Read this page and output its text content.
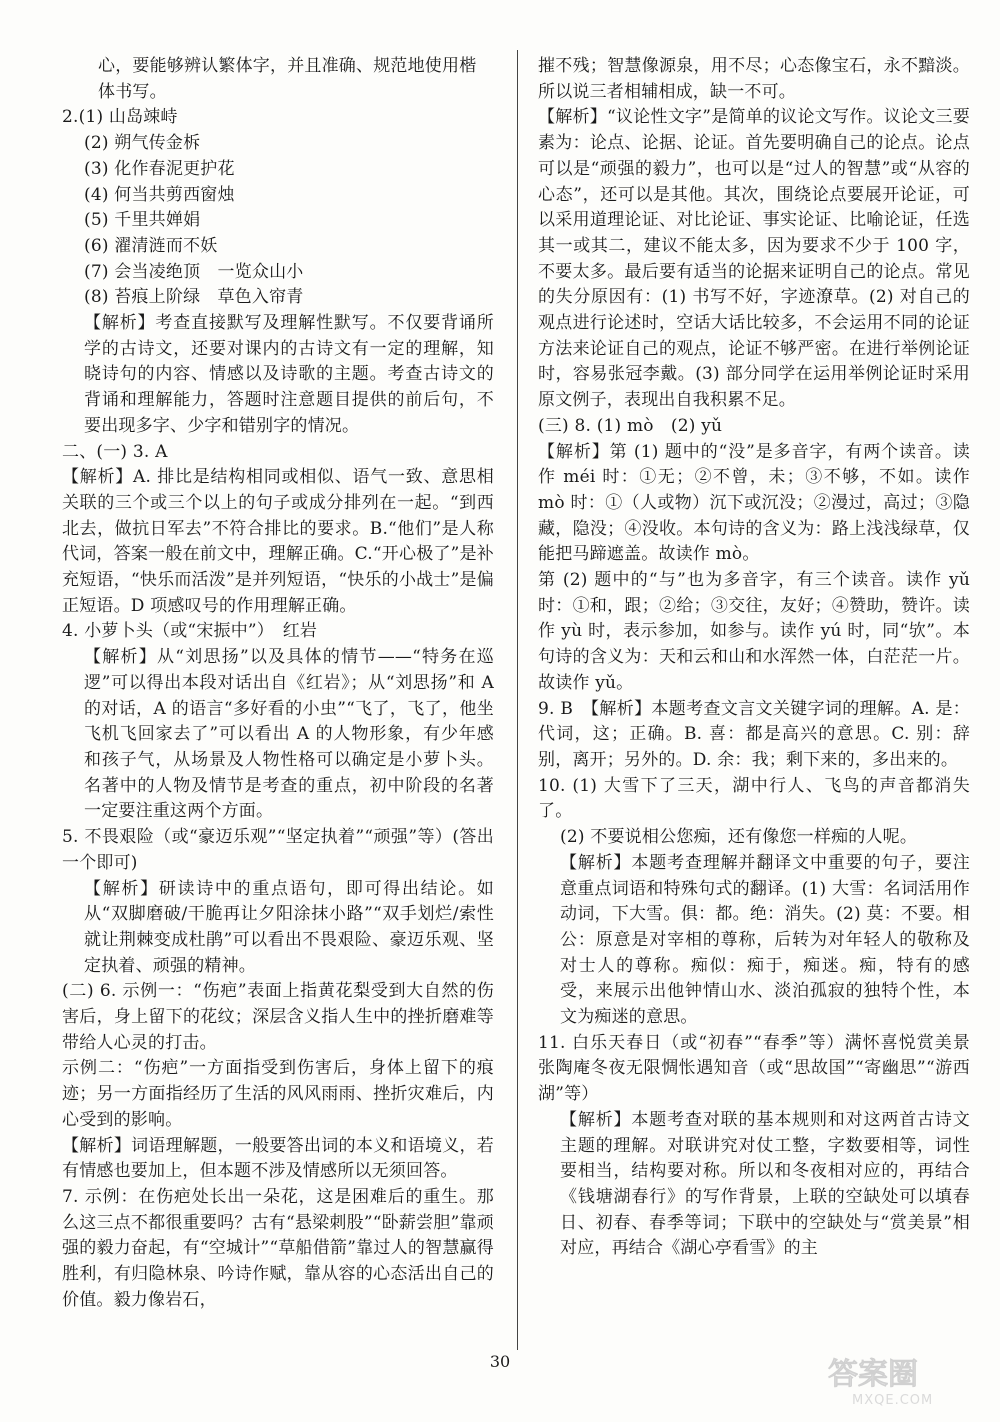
心，要能够辨认繁体字，并且准确、规范地使用楷

体书写。

2.(1) 山岛竦峙

(2) 朔气传金柝

(3) 化作春泥更护花

(4) 何当共剪西窗烛

(5) 千里共婵娟

(6) 濯清涟而不妖

(7) 会当凌绝顶　一览众山小

(8) 苔痕上阶绿　草色入帘青

【解析】考查直接默写及理解性默写。不仅要背诵所学的古诗文，还要对课内的古诗文有一定的理解，知晓诗句的内容、情感以及诗歌的主题。考查古诗文的背诵和理解能力，答题时注意题目提供的前后句，不要出现多字、少字和错别字的情况。

二、(一) 3. A

【解析】A. 排比是结构相同或相似、语气一致、意思相关联的三个或三个以上的句子或成分排列在一起。“到西北去，做抗日军去”不符合排比的要求。B.“他们”是人称代词，答案一般在前文中，理解正确。C.“开心极了”是补充短语，“快乐而活泼”是并列短语，“快乐的小战士”是偏正短语。D 项感叹号的作用理解正确。

4. 小萝卜头（或“宋振中”）　红岩

【解析】从“刘思扬”以及具体的情节——“特务在巡逻”可以得出本段对话出自《红岩》；从“刘思扬”和 A 的对话，A 的语言“多好看的小虫”“飞了，飞了，他坐飞机飞回家去了”可以看出 A 的人物形象，有少年感和孩子气，从场景及人物性格可以确定是小萝卜头。名著中的人物及情节是考查的重点，初中阶段的名著一定要注重这两个方面。

5. 不畏艰险（或“豪迈乐观”“坚定执着”“顽强”等）(答出一个即可)

【解析】研读诗中的重点语句，即可得出结论。如从“双脚磨破/干脆再让夕阳涂抹小路”“双手划烂/索性就让荆棘变成杜鹃”可以看出不畏艰险、豪迈乐观、坚定执着、顽强的精神。

(二) 6. 示例一：“伤疤”表面上指黄花梨受到大自然的伤害后，身上留下的花纹；深层含义指人生中的挫折磨难等带给人心灵的打击。

示例二：“伤疤”一方面指受到伤害后，身体上留下的痕迹；另一方面指经历了生活的风风雨雨、挫折灾难后，内心受到的影响。

【解析】词语理解题，一般要答出词的本义和语境义，若有情感也要加上，但本题不涉及情感所以无须回答。

7. 示例：在伤疤处长出一朵花，这是困难后的重生。那么这三点不都很重要吗？古有“悬梁刺股”“卧薪尝胆”靠顽强的毅力奋起，有“空城计”“草船借箭”靠过人的智慧赢得胜利，有归隐林泉、吟诗作赋，靠从容的心态活出自己的价值。毅力像岩石，

摧不残；智慧像源泉，用不尽；心态像宝石，永不黯淡。所以说三者相辅相成，缺一不可。

【解析】“议论性文字”是简单的议论文写作。议论文三要素为：论点、论据、论证。首先要明确自己的论点。论点可以是“顽强的毅力”，也可以是“过人的智慧”或“从容的心态”，还可以是其他。其次，围绕论点要展开论证，可以采用道理论证、对比论证、事实论证、比喻论证，任选其一或其二，建议不能太多，因为要求不少于 100 字，不要太多。最后要有适当的论据来证明自己的论点。常见的失分原因有：(1) 书写不好，字迹潦草。(2) 对自己的观点进行论述时，空话大话比较多，不会运用不同的论证方法来论证自己的观点，论证不够严密。在进行举例论证时，容易张冠李戴。(3) 部分同学在运用举例论证时采用原文例子，表现出自我积累不足。

(三) 8. (1) mò　(2) yǔ

【解析】第 (1) 题中的“没”是多音字，有两个读音。读作 méi 时：①无；②不曾，未；③不够，不如。读作 mò 时：①（人或物）沉下或沉没；②漫过，高过；③隐藏，隐没；④没收。本句诗的含义为：路上浅浅绿草，仅能把马蹄遮盖。故读作 mò。

第 (2) 题中的“与”也为多音字，有三个读音。读作 yǔ 时：①和，跟；②给；③交往，友好；④赞助，赞许。读作 yù 时，表示参加，如参与。读作 yú 时，同“欤”。本句诗的含义为：天和云和山和水浑然一体，白茫茫一片。故读作 yǔ。

9. B　【解析】本题考查文言文关键字词的理解。A. 是：代词，这；正确。B. 喜：都是高兴的意思。C. 别：辞别，离开；另外的。D. 余：我；剩下来的，多出来的。

10. (1) 大雪下了三天，湖中行人、飞鸟的声音都消失了。

(2) 不要说相公您痴，还有像您一样痴的人呢。

【解析】本题考查理解并翻译文中重要的句子，要注意重点词语和特殊句式的翻译。(1) 大雪：名词活用作动词，下大雪。俱：都。绝：消失。(2) 莫：不要。相公：原意是对宰相的尊称，后转为对年轻人的敬称及对士人的尊称。痴似：痴于，痴迷。痴，特有的感受，来展示出他钟情山水、淡泊孤寂的独特个性，本文为痴迷的意思。

11. 白乐天春日（或“初春”“春季”等）满怀喜悦赏美景　张陶庵冬夜无限惆怅遇知音（或“思故国”“寄幽思”“游西湖”等）

【解析】本题考查对联的基本规则和对这两首古诗文主题的理解。对联讲究对仗工整，字数要相等，词性要相当，结构要对称。所以和冬夜相对应的，再结合《钱塘湖春行》的写作背景，上联的空缺处可以填春日、初春、春季等词；下联中的空缺处与“赏美景”相对应，再结合《湖心亭看雪》的主

30	答案圈
MXQE.COM
